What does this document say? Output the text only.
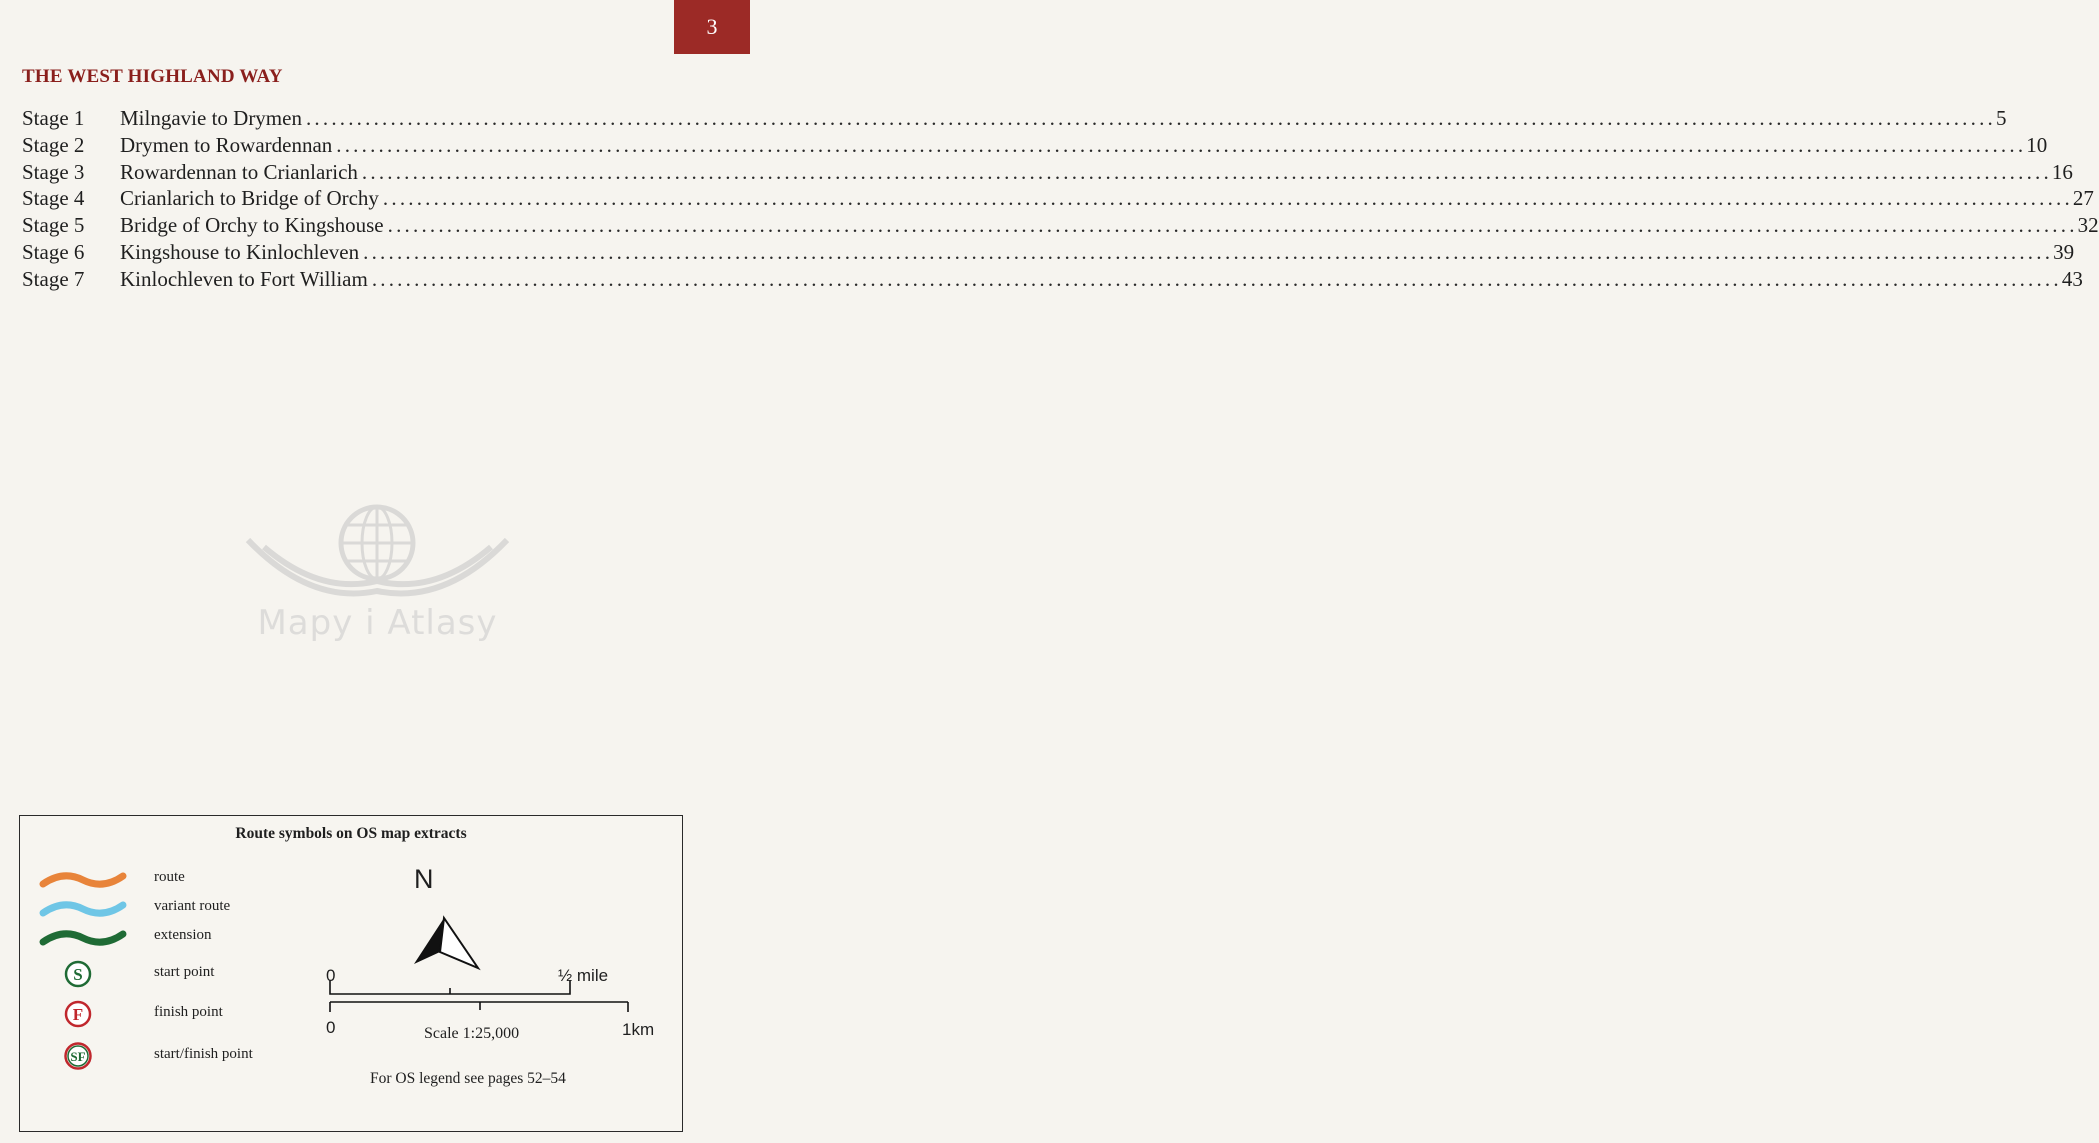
3
THE WEST HIGHLAND WAY
Stage 1	Milngavie to Drymen ........................................................................................................................................................................................................ 5
Stage 2	Drymen to Rowardennan ........................................................................................................................................................................................................ 10
Stage 3	Rowardennan to Crianlarich ........................................................................................................................................................................................................ 16
Stage 4	Crianlarich to Bridge of Orchy ........................................................................................................................................................................................................ 27
Stage 5	Bridge of Orchy to Kingshouse ........................................................................................................................................................................................................ 32
Stage 6	Kingshouse to Kinlochleven ........................................................................................................................................................................................................ 39
Stage 7	Kinlochleven to Fort William ........................................................................................................................................................................................................ 43
Mapy i Atlasy
Route symbols on OS map extracts
route
variant route
extension
S	start point
F	finish point
SF	start/finish point
N
0	½ mile
0	1km
Scale 1:25,000
For OS legend see pages 52–54
